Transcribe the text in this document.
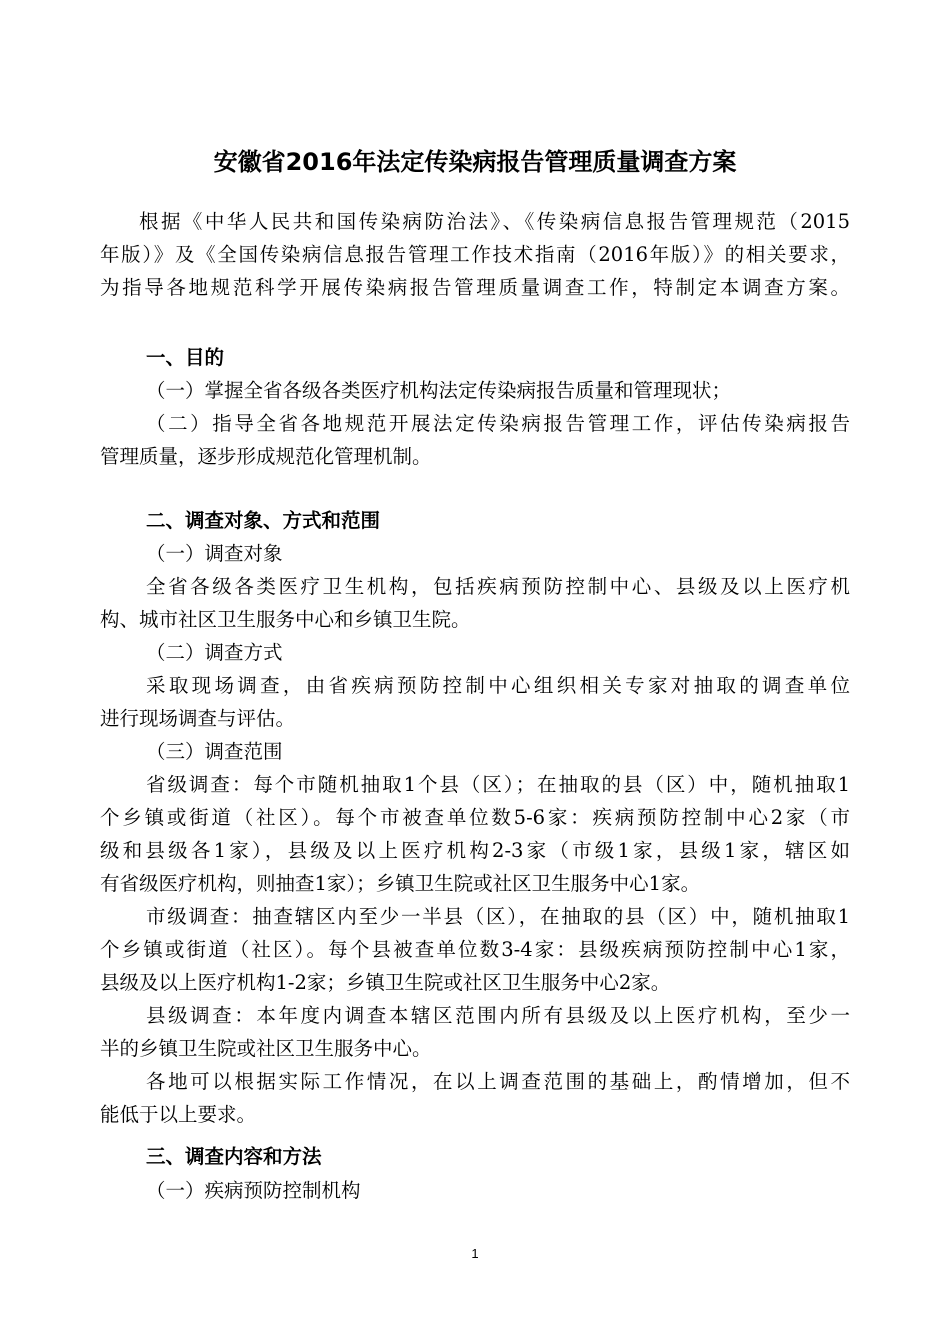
安徽省2016年法定传染病报告管理质量调查方案
根据《中华人民共和国传染病防治法》、《传染病信息报告管理规范（2015
年版）》及《全国传染病信息报告管理工作技术指南（2016年版）》的相关要求，
为指导各地规范科学开展传染病报告管理质量调查工作，特制定本调查方案。
一、目的
（一）掌握全省各级各类医疗机构法定传染病报告质量和管理现状；
（二）指导全省各地规范开展法定传染病报告管理工作，评估传染病报告
管理质量，逐步形成规范化管理机制。
二、调查对象、方式和范围
（一）调查对象
全省各级各类医疗卫生机构，包括疾病预防控制中心、县级及以上医疗机
构、城市社区卫生服务中心和乡镇卫生院。
（二）调查方式
采取现场调查，由省疾病预防控制中心组织相关专家对抽取的调查单位
进行现场调查与评估。
（三）调查范围
省级调查：每个市随机抽取1个县（区）；在抽取的县（区）中，随机抽取1
个乡镇或街道（社区）。每个市被查单位数5-6家：疾病预防控制中心2家（市
级和县级各1家），县级及以上医疗机构2-3家（市级1家，县级1家，辖区如
有省级医疗机构，则抽查1家）；乡镇卫生院或社区卫生服务中心1家。
市级调查：抽查辖区内至少一半县（区），在抽取的县（区）中，随机抽取1
个乡镇或街道（社区）。每个县被查单位数3-4家：县级疾病预防控制中心1家，
县级及以上医疗机构1-2家；乡镇卫生院或社区卫生服务中心2家。
县级调查：本年度内调查本辖区范围内所有县级及以上医疗机构，至少一
半的乡镇卫生院或社区卫生服务中心。
各地可以根据实际工作情况，在以上调查范围的基础上，酌情增加，但不
能低于以上要求。
三、调查内容和方法
（一）疾病预防控制机构
1
